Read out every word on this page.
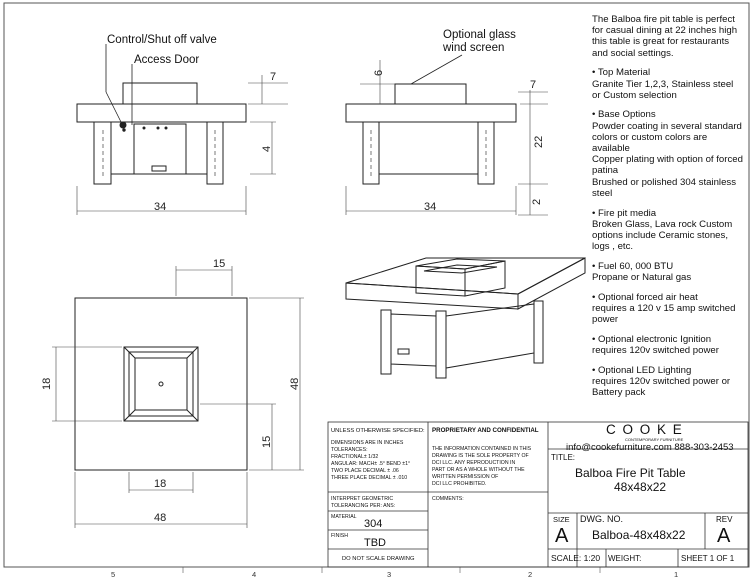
5	4	3	2	1
Control/Shut off valve
Access Door
34
7
4
Optional glass
wind screen
34
6
7
22
2
15
18	48
15
18
48
UNLESS OTHERWISE SPECIFIED:
DIMENSIONS ARE IN INCHES
TOLERANCES:
FRACTIONAL± 1/32
ANGULAR: MACH± .5° BEND ±1°
TWO PLACE DECIMAL ± .06
THREE PLACE DECIMAL ± .010
INTERPRET GEOMETRIC
TOLERANCING PER: ANS:
MATERIAL
304
FINISH
TBD
DO NOT SCALE DRAWING
PROPRIETARY AND CONFIDENTIAL
THE INFORMATION CONTAINED IN THIS
DRAWING IS THE SOLE PROPERTY OF
DCI LLC. ANY REPRODUCTION IN
PART OR AS A WHOLE WITHOUT THE
WRITTEN PERMISSION OF
DCI LLC PROHIBITED.
COMMENTS:
C O O K E
CONTEMPORARY FURNITURE
info@cookefurniture.com 888-303-2453
TITLE:
Balboa Fire Pit Table
48x48x22
SIZE
A
DWG. NO.
Balboa-48x48x22
REV
A
SCALE: 1:20 WEIGHT:	SHEET 1 OF 1

The Balboa fire pit table is perfect for casual dining at 22 inches high this table is great for restaurants and social settings.

• Top Material
Granite Tier 1,2,3, Stainless steel or Custom selection

• Base Options
Powder coating in several standard colors or custom colors are available
Copper plating with option of forced patina
Brushed or polished 304 stainless steel

• Fire pit media
Broken Glass, Lava rock Custom options include Ceramic stones, logs , etc.

• Fuel 60, 000 BTU
Propane or Natural gas

• Optional forced air heat
requires a 120 v 15 amp switched power

• Optional electronic Ignition
requires 120v switched power

• Optional LED Lighting
requires 120v switched power or Battery pack
